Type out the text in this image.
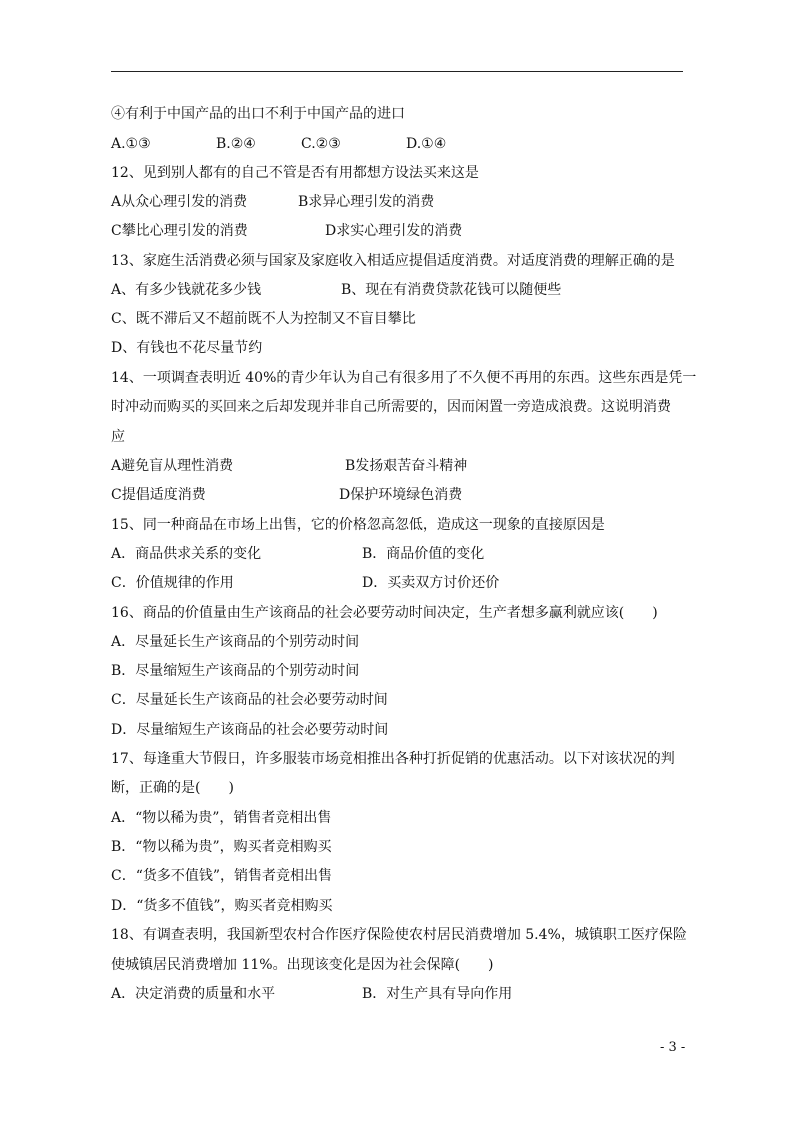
④有利于中国产品的出口不利于中国产品的进口
A.①③	B.②④	C.②③	D.①④
12、见到别人都有的自己不管是否有用都想方设法买来这是
A从众心理引发的消费	B求异心理引发的消费
C攀比心理引发的消费	D求实心理引发的消费
13、家庭生活消费必须与国家及家庭收入相适应提倡适度消费。对适度消费的理解正确的是
A、有多少钱就花多少钱	B、现在有消费贷款花钱可以随便些
C、既不滞后又不超前既不人为控制又不盲目攀比
D、有钱也不花尽量节约
14、一项调查表明近 40%的青少年认为自己有很多用了不久便不再用的东西。这些东西是凭一
时冲动而购买的买回来之后却发现并非自己所需要的，因而闲置一旁造成浪费。这说明消费
应
A避免盲从理性消费	B发扬艰苦奋斗精神
C提倡适度消费	D保护环境绿色消费
15、同一种商品在市场上出售，它的价格忽高忽低，造成这一现象的直接原因是
A．商品供求关系的变化	B．商品价值的变化
C．价值规律的作用	D．买卖双方讨价还价
16、商品的价值量由生产该商品的社会必要劳动时间决定，生产者想多赢利就应该(　　)
A．尽量延长生产该商品的个别劳动时间
B．尽量缩短生产该商品的个别劳动时间
C．尽量延长生产该商品的社会必要劳动时间
D．尽量缩短生产该商品的社会必要劳动时间
17、每逢重大节假日，许多服装市场竞相推出各种打折促销的优惠活动。以下对该状况的判
断，正确的是(　　)
A．“物以稀为贵”，销售者竞相出售
B．“物以稀为贵”，购买者竞相购买
C．“货多不值钱”，销售者竞相出售
D．“货多不值钱”，购买者竞相购买
18、有调查表明，我国新型农村合作医疗保险使农村居民消费增加 5.4%，城镇职工医疗保险
使城镇居民消费增加 11%。出现该变化是因为社会保障(　　)
A．决定消费的质量和水平	B．对生产具有导向作用
- 3 -
